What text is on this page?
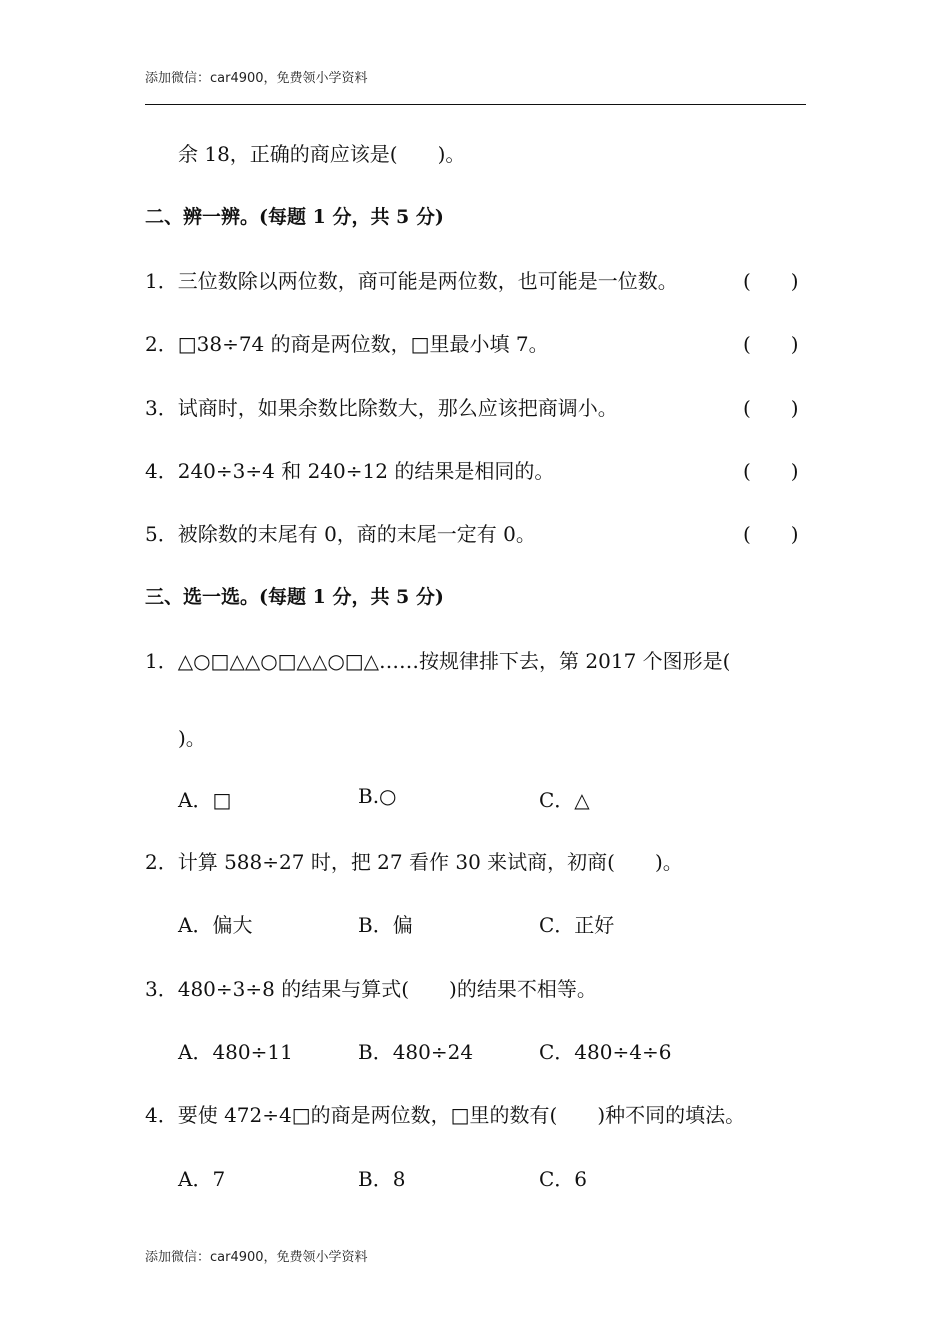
添加微信：car4900，免费领小学资料
余 18，正确的商应该是(　　)。
二、辨一辨。(每题 1 分，共 5 分)
1．三位数除以两位数，商可能是两位数，也可能是一位数。	(　　)
2．□38÷74 的商是两位数，□里最小填 7。	(　　)
3．试商时，如果余数比除数大，那么应该把商调小。	(　　)
4．240÷3÷4 和 240÷12 的结果是相同的。	(　　)
5．被除数的末尾有 0，商的末尾一定有 0。	(　　)
三、选一选。(每题 1 分，共 5 分)
1．△○□△△○□△△○□△……按规律排下去，第 2017 个图形是(
)。
A．□	B.○	C．△
2．计算 588÷27 时，把 27 看作 30 来试商，初商(　　)。
A．偏大	B．偏	C．正好
3．480÷3÷8 的结果与算式(　　)的结果不相等。
A．480÷11	B．480÷24	C．480÷4÷6
4．要使 472÷4□的商是两位数，□里的数有(　　)种不同的填法。
A．7	B．8	C．6
添加微信：car4900，免费领小学资料
